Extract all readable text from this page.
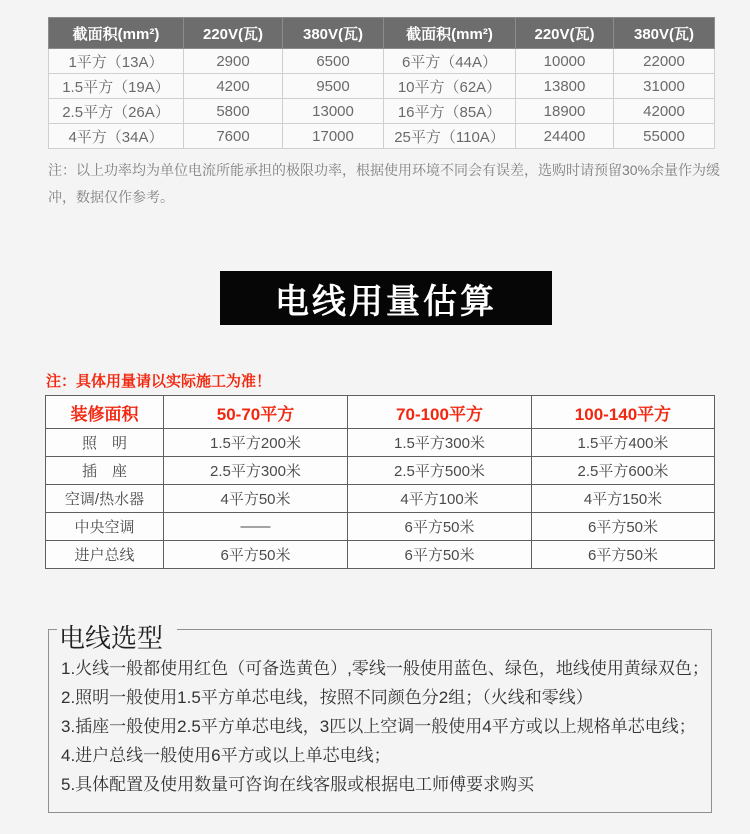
截面积(mm²)	220V(瓦)	380V(瓦)	截面积(mm²)	220V(瓦)	380V(瓦)
1平方（13A）	2900	6500	6平方（44A）	10000	22000
1.5平方（19A）	4200	9500	10平方（62A）	13800	31000
2.5平方（26A）	5800	13000	16平方（85A）	18900	42000
4平方（34A）	7600	17000	25平方（110A）	24400	55000
注：以上功率均为单位电流所能承担的极限功率，根据使用环境不同会有误差，选购时请预留30%余量作为缓冲，数据仅作参考。
电线用量估算
注：具体用量请以实际施工为准！
装修面积	50-70平方	70-100平方	100-140平方
照　明	1.5平方200米	1.5平方300米	1.5平方400米
插　座	2.5平方300米	2.5平方500米	2.5平方600米
空调/热水器	4平方50米	4平方100米	4平方150米
中央空调	——	6平方50米	6平方50米
进户总线	6平方50米	6平方50米	6平方50米
电线选型
1.火线一般都使用红色（可备选黄色）,零线一般使用蓝色、绿色，地线使用黄绿双色；
2.照明一般使用1.5平方单芯电线，按照不同颜色分2组；（火线和零线）
3.插座一般使用2.5平方单芯电线，3匹以上空调一般使用4平方或以上规格单芯电线；
4.进户总线一般使用6平方或以上单芯电线；
5.具体配置及使用数量可咨询在线客服或根据电工师傅要求购买
